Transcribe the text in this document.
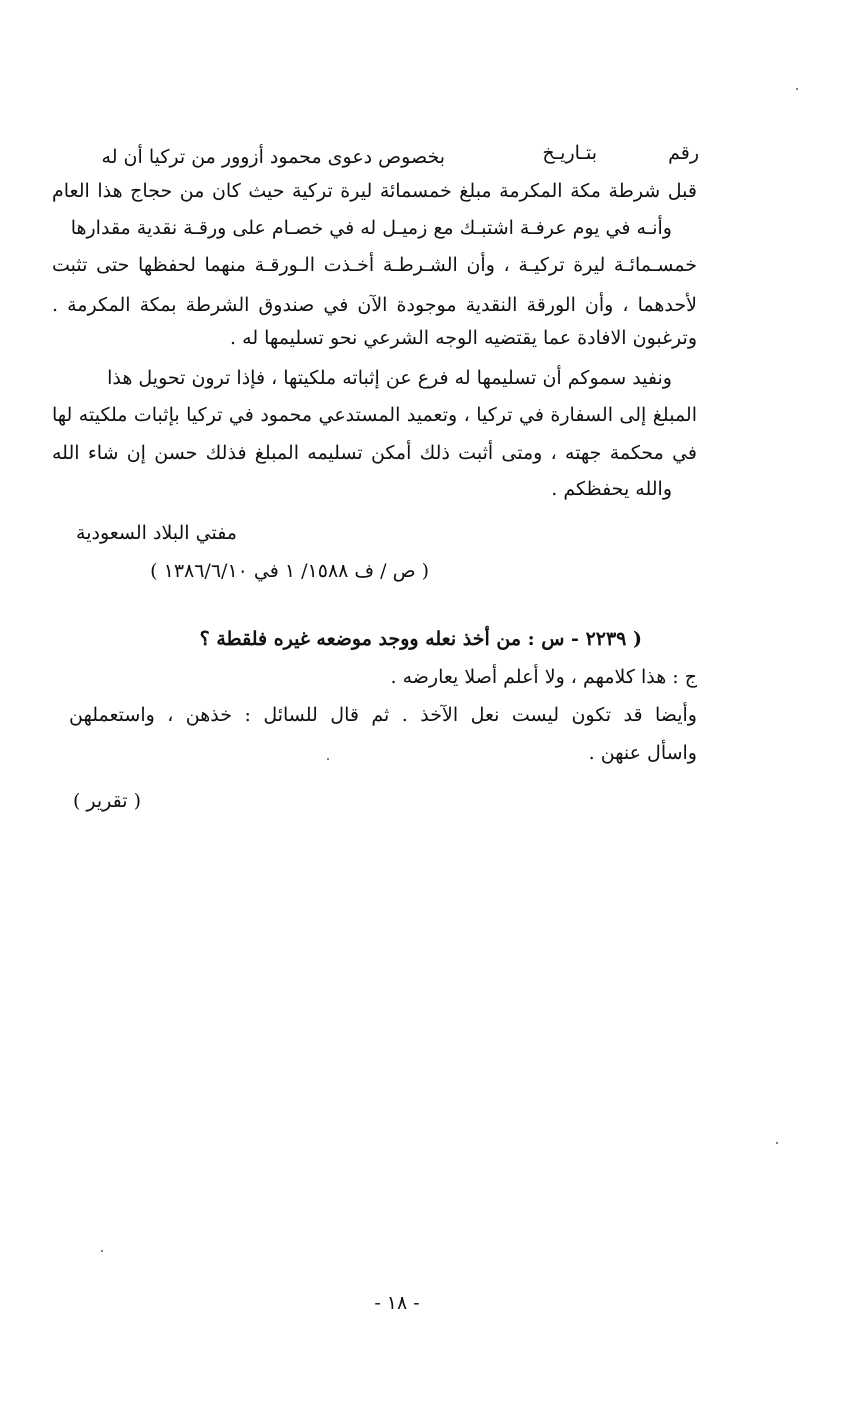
رقم
بتـاريـخ
بخصوص دعوى محمود أزوور من تركيا أن له
قبل شرطة مكة المكرمة مبلغ خمسمائة ليرة تركية حيث كان من حجاج هذا العام
وأنـه في يوم عرفـة اشتبـك مع زميـل له في خصـام على ورقـة نقدية مقدارها
خمسـمائـة ليرة تركيـة ، وأن الشـرطـة أخـذت الـورقـة منهما لحفظها حتى تثبت
لأحدهما ، وأن الورقة النقدية موجودة الآن في صندوق الشرطة بمكة المكرمة .
وترغبون الافادة عما يقتضيه الوجه الشرعي نحو تسليمها له .
ونفيد سموكم أن تسليمها له فرع عن إثباته ملكيتها ، فإذا ترون تحويل هذا
المبلغ إلى السفارة في تركيا ، وتعميد المستدعي محمود في تركيا بإثبات ملكيته لها
في محكمة جهته ، ومتى أثبت ذلك أمكن تسليمه المبلغ فذلك حسن إن شاء الله
والله يحفظكم .
مفتي البلاد السعودية
( ص / ف ١٥٨٨/ ١ في ١٣٨٦/٦/١٠ )
( ٢٢٣٩ - س : من أخذ نعله ووجد موضعه غيره فلقطة ؟
ج : هذا كلامهم ، ولا أعلم أصلا يعارضه .
وأيضا قد تكون ليست نعل الآخذ . ثم قال للسائل : خذهن ، واستعملهن
واسأل عنهن .
( تقرير )
- ١٨ -
